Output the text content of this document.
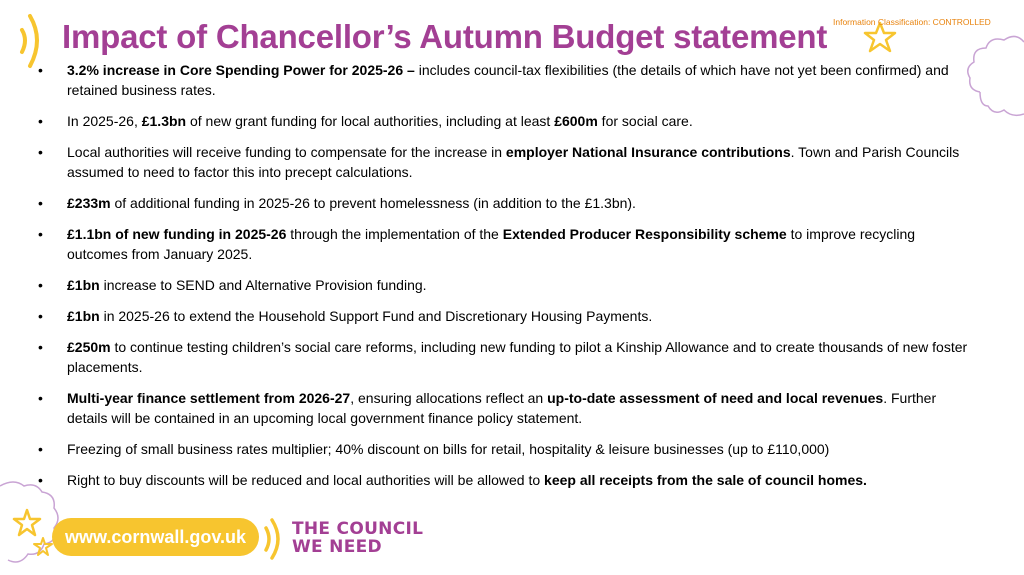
Impact of Chancellor’s Autumn Budget statement Information Classification: CONTROLLED
• 3.2% increase in Core Spending Power for 2025-26 – includes council-tax flexibilities (the details of which have not yet been confirmed) and retained business rates.
• In 2025-26, £1.3bn of new grant funding for local authorities, including at least £600m for social care.
• Local authorities will receive funding to compensate for the increase in employer National Insurance contributions. Town and Parish Councils assumed to need to factor this into precept calculations.
• £233m of additional funding in 2025-26 to prevent homelessness (in addition to the £1.3bn).
• £1.1bn of new funding in 2025-26 through the implementation of the Extended Producer Responsibility scheme to improve recycling outcomes from January 2025.
• £1bn increase to SEND and Alternative Provision funding.
• £1bn in 2025-26 to extend the Household Support Fund and Discretionary Housing Payments.
• £250m to continue testing children’s social care reforms, including new funding to pilot a Kinship Allowance and to create thousands of new foster placements.
• Multi-year finance settlement from 2026-27, ensuring allocations reflect an up-to-date assessment of need and local revenues. Further details will be contained in an upcoming local government finance policy statement.
• Freezing of small business rates multiplier; 40% discount on bills for retail, hospitality & leisure businesses (up to £110,000)
• Right to buy discounts will be reduced and local authorities will be allowed to keep all receipts from the sale of council homes.
www.cornwall.gov.uk	THE COUNCIL
WE NEED
